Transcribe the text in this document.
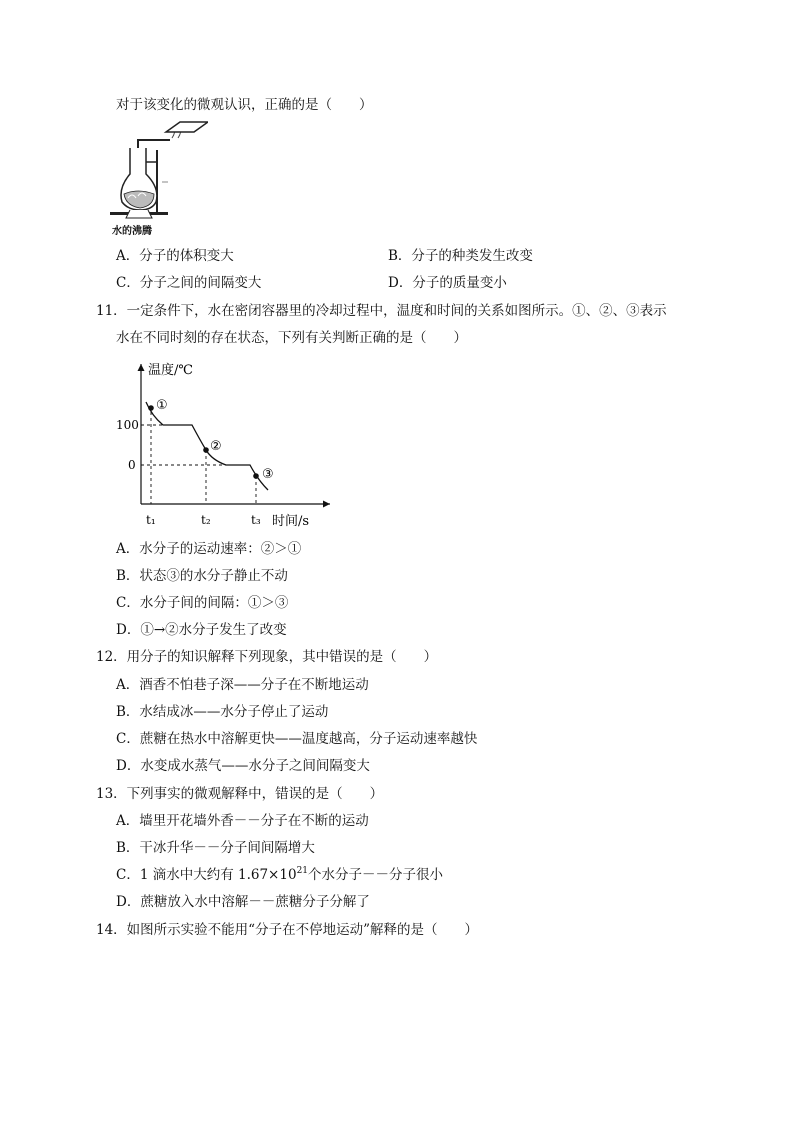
对于该变化的微观认识，正确的是（　　）
水的沸腾
A．分子的体积变大	B．分子的种类发生改变
C．分子之间的间隔变大	D．分子的质量变小
11．一定条件下，水在密闭容器里的冷却过程中，温度和时间的关系如图所示。①、②、③表示
水在不同时刻的存在状态，下列有关判断正确的是（　　）
温度/℃
100
0
①
②
③
t₁	t₂	t₃ 时间/s
A．水分子的运动速率：②＞①
B．状态③的水分子静止不动
C．水分子间的间隔：①＞③
D．①→②水分子发生了改变
12．用分子的知识解释下列现象，其中错误的是（　　）
A．酒香不怕巷子深——分子在不断地运动
B．水结成冰——水分子停止了运动
C．蔗糖在热水中溶解更快——温度越高，分子运动速率越快
D．水变成水蒸气——水分子之间间隔变大
13．下列事实的微观解释中，错误的是（　　）
A．墙里开花墙外香－－分子在不断的运动
B．干冰升华－－分子间间隔增大
C．1 滴水中大约有 $1.67\times 10^{21}$个水分子－－分子很小
D．蔗糖放入水中溶解－－蔗糖分子分解了
14．如图所示实验不能用“分子在不停地运动”解释的是（　　）
